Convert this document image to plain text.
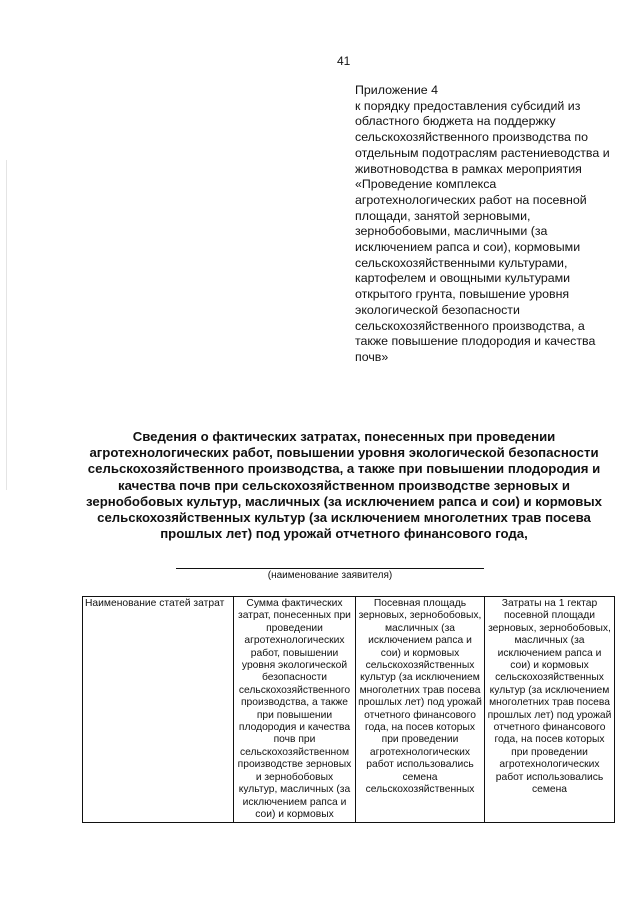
41

Приложение 4

к порядку предоставления субсидий из областного бюджета на поддержку сельскохозяйственного производства по отдельным подотраслям растениеводства и животноводства в рамках мероприятия «Проведение комплекса агротехнологических работ на посевной площади, занятой зерновыми, зернобобовыми, масличными (за исключением рапса и сои), кормовыми сельскохозяйственными культурами, картофелем и овощными культурами открытого грунта, повышение уровня экологической безопасности сельскохозяйственного производства, а также повышение плодородия и качества почв»

Сведения о фактических затратах, понесенных при проведении агротехнологических работ, повышении уровня экологической безопасности сельскохозяйственного производства, а также при повышении плодородия и качества почв при сельскохозяйственном производстве зерновых и зернобобовых культур, масличных (за исключением рапса и сои) и кормовых сельскохозяйственных культур (за исключением многолетних трав посева прошлых лет) под урожай отчетного финансового года,

(наименование заявителя)
Наименование статей затрат	Сумма фактических затрат, понесенных при проведении агротехнологических работ, повышении уровня экологической безопасности сельскохозяйственного производства, а также при повышении плодородия и качества почв при сельскохозяйственном производстве зерновых и зернобобовых культур, масличных (за исключением рапса и сои) и кормовых	Посевная площадь зерновых, зернобобовых, масличных (за исключением рапса и сои) и кормовых сельскохозяйственных культур (за исключением многолетних трав посева прошлых лет) под урожай отчетного финансового года, на посев которых при проведении агротехнологических работ использовались семена сельскохозяйственных	Затраты на 1 гектар посевной площади зерновых, зернобобовых, масличных (за исключением рапса и сои) и кормовых сельскохозяйственных культур (за исключением многолетних трав посева прошлых лет) под урожай отчетного финансового года, на посев которых при проведении агротехнологических работ использовались семена
